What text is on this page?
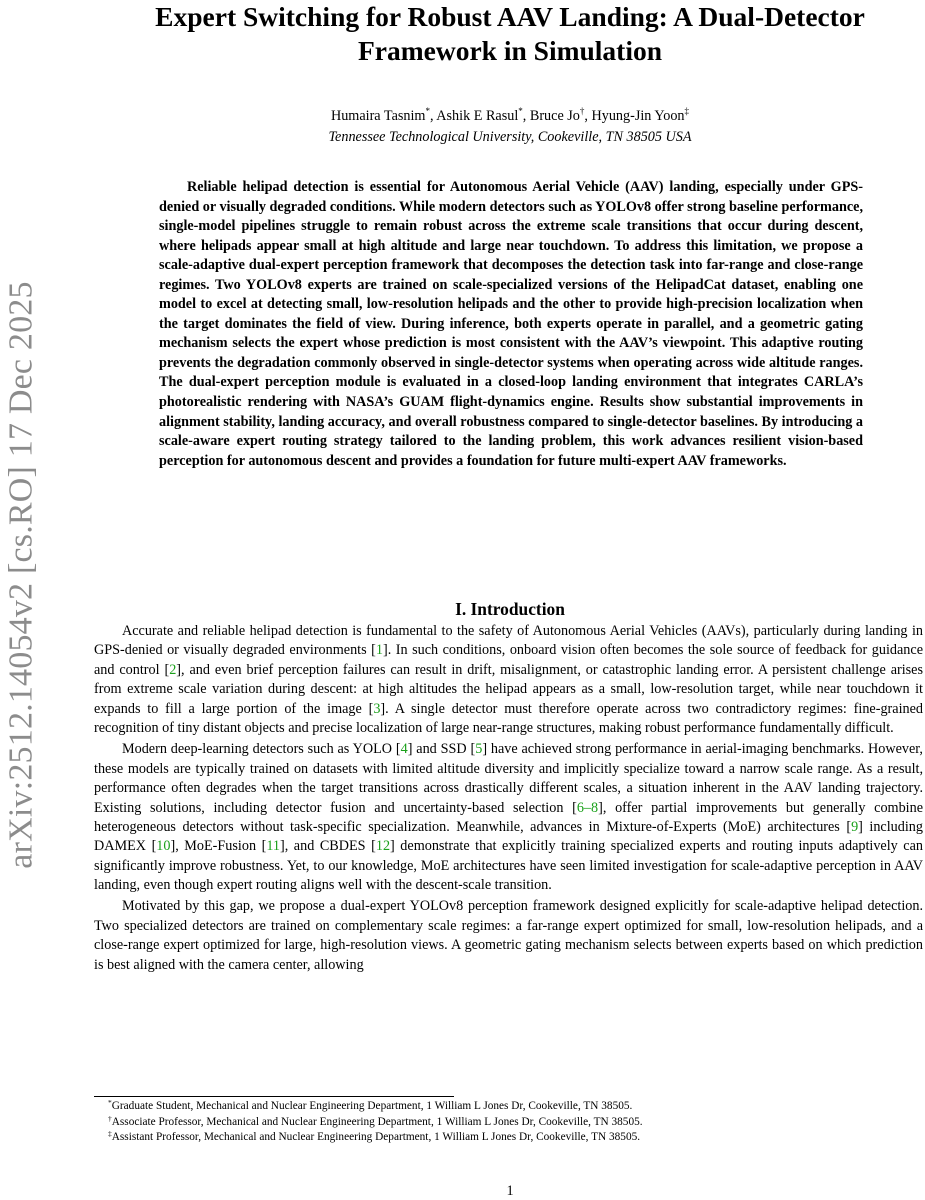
arXiv:2512.14054v2 [cs.RO] 17 Dec 2025
Expert Switching for Robust AAV Landing: A Dual-Detector
Framework in Simulation
Humaira Tasnim*, Ashik E Rasul*, Bruce Jo†, Hyung-Jin Yoon‡
Tennessee Technological University, Cookeville, TN 38505 USA

Reliable helipad detection is essential for Autonomous Aerial Vehicle (AAV) landing, especially under GPS-denied or visually degraded conditions. While modern detectors such as YOLOv8 offer strong baseline performance, single-model pipelines struggle to remain robust across the extreme scale transitions that occur during descent, where helipads appear small at high altitude and large near touchdown. To address this limitation, we propose a scale-adaptive dual-expert perception framework that decomposes the detection task into far-range and close-range regimes. Two YOLOv8 experts are trained on scale-specialized versions of the HelipadCat dataset, enabling one model to excel at detecting small, low-resolution helipads and the other to provide high-precision localization when the target dominates the field of view. During inference, both experts operate in parallel, and a geometric gating mechanism selects the expert whose prediction is most consistent with the AAV’s viewpoint. This adaptive routing prevents the degradation commonly observed in single-detector systems when operating across wide altitude ranges. The dual-expert perception module is evaluated in a closed-loop landing environment that integrates CARLA’s photorealistic rendering with NASA’s GUAM flight-dynamics engine. Results show substantial improvements in alignment stability, landing accuracy, and overall robustness compared to single-detector baselines. By introducing a scale-aware expert routing strategy tailored to the landing problem, this work advances resilient vision-based perception for autonomous descent and provides a foundation for future multi-expert AAV frameworks.

I. Introduction

Accurate and reliable helipad detection is fundamental to the safety of Autonomous Aerial Vehicles (AAVs), particularly during landing in GPS-denied or visually degraded environments [1]. In such conditions, onboard vision often becomes the sole source of feedback for guidance and control [2], and even brief perception failures can result in drift, misalignment, or catastrophic landing error. A persistent challenge arises from extreme scale variation during descent: at high altitudes the helipad appears as a small, low-resolution target, while near touchdown it expands to fill a large portion of the image [3]. A single detector must therefore operate across two contradictory regimes: fine-grained recognition of tiny distant objects and precise localization of large near-range structures, making robust performance fundamentally difficult.

Modern deep-learning detectors such as YOLO [4] and SSD [5] have achieved strong performance in aerial-imaging benchmarks. However, these models are typically trained on datasets with limited altitude diversity and implicitly specialize toward a narrow scale range. As a result, performance often degrades when the target transitions across drastically different scales, a situation inherent in the AAV landing trajectory. Existing solutions, including detector fusion and uncertainty-based selection [6–8], offer partial improvements but generally combine heterogeneous detectors without task-specific specialization. Meanwhile, advances in Mixture-of-Experts (MoE) architectures [9] including DAMEX [10], MoE-Fusion [11], and CBDES [12] demonstrate that explicitly training specialized experts and routing inputs adaptively can significantly improve robustness. Yet, to our knowledge, MoE architectures have seen limited investigation for scale-adaptive perception in AAV landing, even though expert routing aligns well with the descent-scale transition.

Motivated by this gap, we propose a dual-expert YOLOv8 perception framework designed explicitly for scale-adaptive helipad detection. Two specialized detectors are trained on complementary scale regimes: a far-range expert optimized for small, low-resolution helipads, and a close-range expert optimized for large, high-resolution views. A geometric gating mechanism selects between experts based on which prediction is best aligned with the camera center, allowing

*Graduate Student, Mechanical and Nuclear Engineering Department, 1 William L Jones Dr, Cookeville, TN 38505.
†Associate Professor, Mechanical and Nuclear Engineering Department, 1 William L Jones Dr, Cookeville, TN 38505.
‡Assistant Professor, Mechanical and Nuclear Engineering Department, 1 William L Jones Dr, Cookeville, TN 38505.
1
